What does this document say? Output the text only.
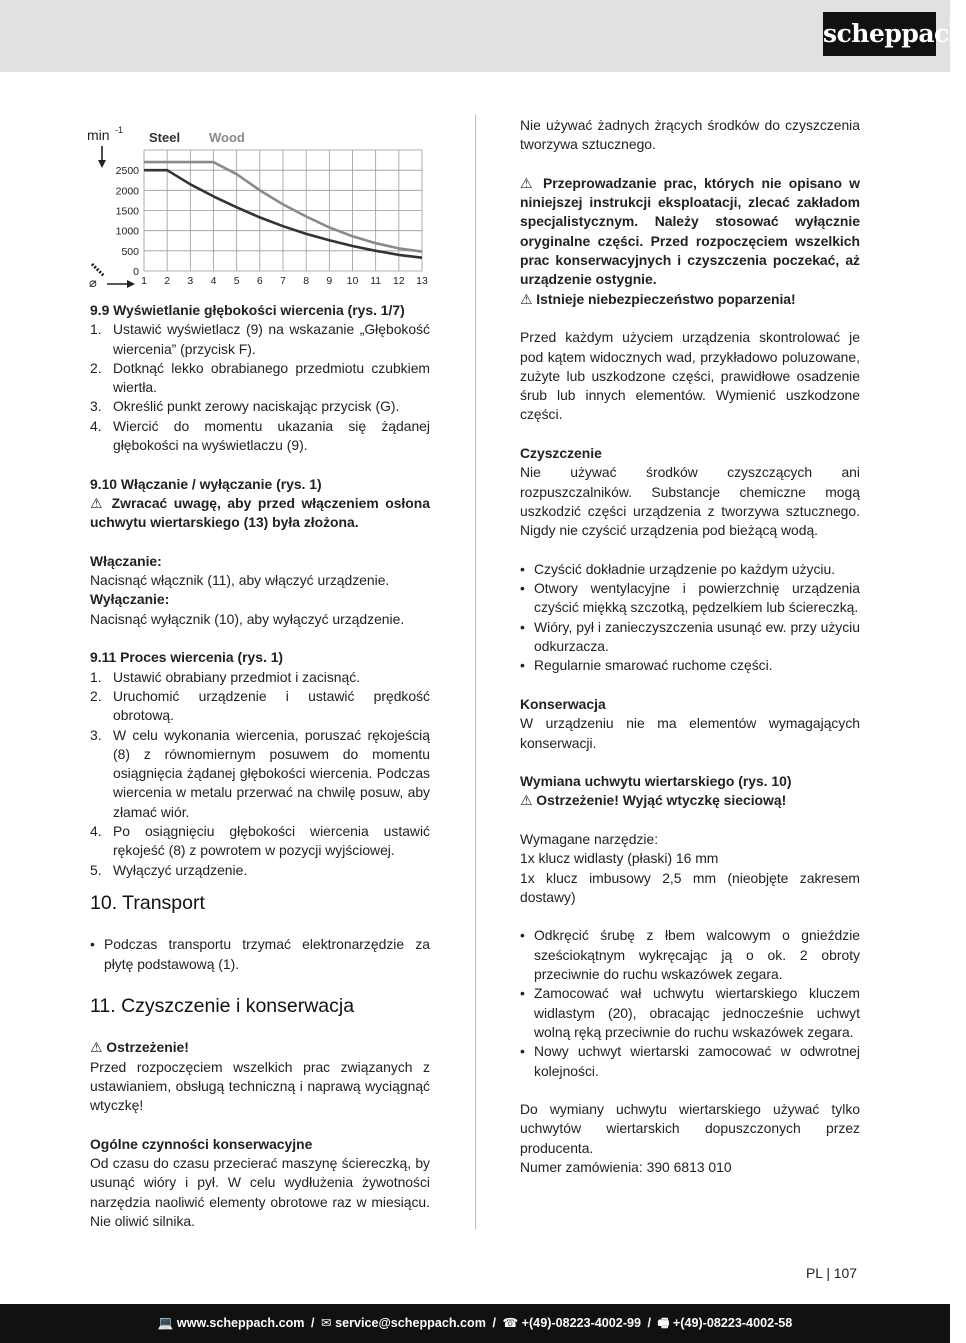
scheppach
0
500
1000
1500
2000
2500
1 2 3 4 5 6 7 8 9 10 11 12 13
Steel Wood
min -1
⌀

9.9 Wyświetlanie głębokości wiercenia (rys. 1/7)

1. Ustawić wyświetlacz (9) na wskazanie „Głębokość wiercenia” (przycisk F).
2. Dotknąć lekko obrabianego przedmiotu czubkiem wiertła.
3. Określić punkt zerowy naciskając przycisk (G).
4. Wiercić do momentu ukazania się żądanej głębokości na wyświetlaczu (9).

9.10 Włączanie / wyłączanie (rys. 1)

⚠ Zwracać uwagę, aby przed włączeniem osłona uchwytu wiertarskiego (13) była złożona.

Włączanie:

Nacisnąć włącznik (11), aby włączyć urządzenie.

Wyłączanie:

Nacisnąć wyłącznik (10), aby wyłączyć urządzenie.

9.11 Proces wiercenia (rys. 1)

1. Ustawić obrabiany przedmiot i zacisnąć.
2. Uruchomić urządzenie i ustawić prędkość obrotową.
3. W celu wykonania wiercenia, poruszać rękojeścią (8) z równomiernym posuwem do momentu osiągnięcia żądanej głębokości wiercenia. Podczas wiercenia w metalu przerwać na chwilę posuw, aby złamać wiór.
4. Po osiągnięciu głębokości wiercenia ustawić rękojeść (8) z powrotem w pozycji wyjściowej.
5. Wyłączyć urządzenie.
10. Transport
• Podczas transportu trzymać elektronarzędzie za płytę podstawową (1).
11. Czyszczenie i konserwacja

⚠ Ostrzeżenie!

Przed rozpoczęciem wszelkich prac związanych z ustawianiem, obsługą techniczną i naprawą wyciągnąć wtyczkę!

Ogólne czynności konserwacyjne

Od czasu do czasu przecierać maszynę ściereczką, by usunąć wióry i pył. W celu wydłużenia żywotności narzędzia naoliwić elementy obrotowe raz w miesiącu. Nie oliwić silnika.

Nie używać żadnych żrących środków do czyszczenia tworzywa sztucznego.

⚠ Przeprowadzanie prac, których nie opisano w niniejszej instrukcji eksploatacji, zlecać zakładom specjalistycznym. Należy stosować wyłącznie oryginalne części. Przed rozpoczęciem wszelkich prac konserwacyjnych i czyszczenia poczekać, aż urządzenie ostygnie.

⚠ Istnieje niebezpieczeństwo poparzenia!

Przed każdym użyciem urządzenia skontrolować je pod kątem widocznych wad, przykładowo poluzowane, zużyte lub uszkodzone części, prawidłowe osadzenie śrub lub innych elementów. Wymienić uszkodzone części.

Czyszczenie

Nie używać środków czyszczących ani rozpuszczalników. Substancje chemiczne mogą uszkodzić części urządzenia z tworzywa sztucznego. Nigdy nie czyścić urządzenia pod bieżącą wodą.

• Czyścić dokładnie urządzenie po każdym użyciu.
• Otwory wentylacyjne i powierzchnię urządzenia czyścić miękką szczotką, pędzelkiem lub ściereczką.
• Wióry, pył i zanieczyszczenia usunąć ew. przy użyciu odkurzacza.
• Regularnie smarować ruchome części.

Konserwacja

W urządzeniu nie ma elementów wymagających konserwacji.

Wymiana uchwytu wiertarskiego (rys. 10)

⚠ Ostrzeżenie! Wyjąć wtyczkę sieciową!

Wymagane narzędzie:

1x klucz widlasty (płaski) 16 mm

1x klucz imbusowy 2,5 mm (nieobjęte zakresem dostawy)

• Odkręcić śrubę z łbem walcowym o gnieździe sześciokątnym wykręcając ją o ok. 2 obroty przeciwnie do ruchu wskazówek zegara.
• Zamocować wał uchwytu wiertarskiego kluczem widlastym (20), obracając jednocześnie uchwyt wolną ręką przeciwnie do ruchu wskazówek zegara.
• Nowy uchwyt wiertarski zamocować w odwrotnej kolejności.

Do wymiany uchwytu wiertarskiego używać tylko uchwytów wiertarskich dopuszczonych przez producenta.

Numer zamówienia: 390 6813 010

PL | 107
💻 www.scheppach.com / ✉ service@scheppach.com / ☎ +(49)-08223-4002-99 / 🖷 +(49)-08223-4002-58
